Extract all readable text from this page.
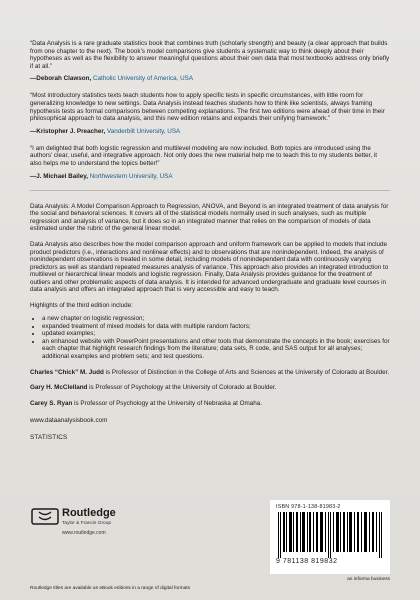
“Data Analysis is a rare graduate statistics book that combines truth (scholarly strength) and beauty (a clear approach that builds from one chapter to the next). The book’s model comparisons give students a systematic way to think deeply about their hypotheses as well as the flexibility to answer meaningful questions about their own data that most textbooks address only briefly if at all.”

—Deborah Clawson, Catholic University of America, USA

“Most introductory statistics texts teach students how to apply specific tests in specific circumstances, with little room for generalizing knowledge to new settings. Data Analysis instead teaches students how to think like scientists, always framing hypothesis tests as formal comparisons between competing explanations. The first two editions were ahead of their time in their philosophical approach to data analysis, and this new edition retains and expands their unifying framework.”

—Kristopher J. Preacher, Vanderbilt University, USA

“I am delighted that both logistic regression and multilevel modeling are now included. Both topics are introduced using the authors’ clear, useful, and integrative approach. Not only does the new material help me to teach this to my students better, it also helps me to understand the topics better!”

—J. Michael Bailey, Northwestern University, USA

Data Analysis: A Model Comparison Approach to Regression, ANOVA, and Beyond is an integrated treatment of data analysis for the social and behavioral sciences. It covers all of the statistical models normally used in such analyses, such as multiple regression and analysis of variance, but it does so in an integrated manner that relies on the comparison of models of data estimated under the rubric of the general linear model.

Data Analysis also describes how the model comparison approach and uniform framework can be applied to models that include product predictors (i.e., interactions and nonlinear effects) and to observations that are nonindependent. Indeed, the analysis of nonindependent observations is treated in some detail, including models of nonindependent data with continuously varying predictors as well as standard repeated measures analysis of variance. This approach also provides an integrated introduction to multilevel or hierarchical linear models and logistic regression. Finally, Data Analysis provides guidance for the treatment of outliers and other problematic aspects of data analysis. It is intended for advanced undergraduate and graduate level courses in data analysis and offers an integrated approach that is very accessible and easy to teach.

Highlights of the third edition include:

• a new chapter on logistic regression;
• expanded treatment of mixed models for data with multiple random factors;
• updated examples;
• an enhanced website with PowerPoint presentations and other tools that demonstrate the concepts in the book; exercises for each chapter that highlight research findings from the literature; data sets, R code, and SAS output for all analyses; additional examples and problem sets; and test questions.

Charles “Chick” M. Judd is Professor of Distinction in the College of Arts and Sciences at the University of Colorado at Boulder.

Gary H. McClelland is Professor of Psychology at the University of Colorado at Boulder.

Carey S. Ryan is Professor of Psychology at the University of Nebraska at Omaha.

www.dataanalysisbook.com

STATISTICS

Routledge
Taylor & Francis Group
www.routledge.com
ISBN 978-1-138-81983-2
9 781138 819832
an informa business
Routledge titles are available as eBook editions in a range of digital formats
